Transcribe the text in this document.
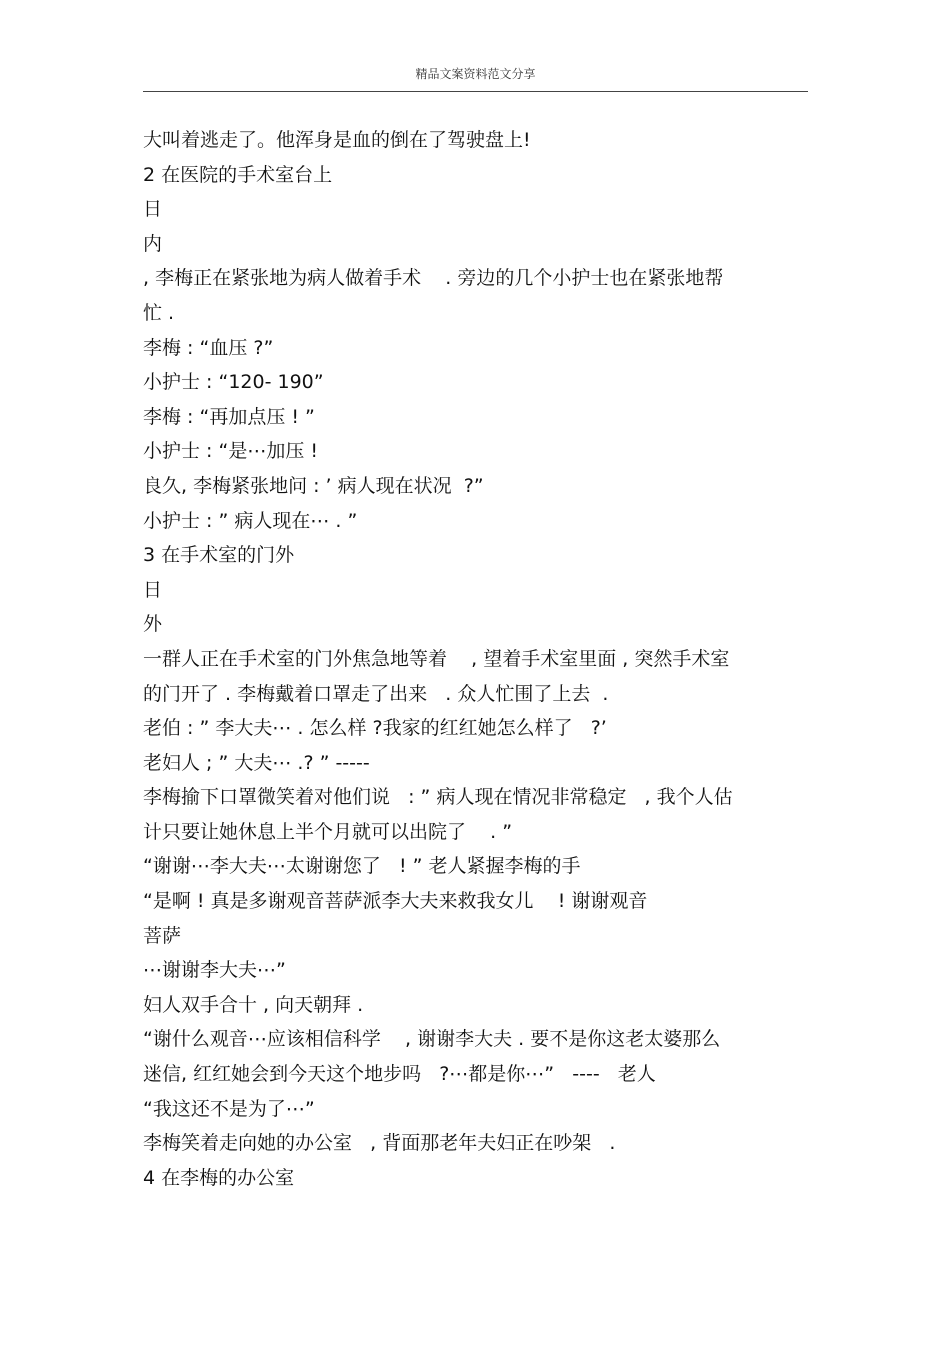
精品文案资料范文分享
大叫着逃走了。他浑身是血的倒在了驾驶盘上!
2 在医院的手术室台上
日
内
, 李梅正在紧张地为病人做着手术    . 旁边的几个小护士也在紧张地帮
忙 .
李梅 : “血压 ?”
小护士 : “120- 190”
李梅 : “再加点压 ! ”
小护士 : “是⋯加压 !
良久, 李梅紧张地问 : ’ 病人现在状况  ?”
小护士 : ” 病人现在⋯ . ”
3 在手术室的门外
日
外
一群人正在手术室的门外焦急地等着    , 望着手术室里面 , 突然手术室
的门开了 . 李梅戴着口罩走了出来   . 众人忙围了上去  .
老伯 : ” 李大夫⋯ . 怎么样 ?我家的红红她怎么样了   ?’
老妇人 ; ” 大夫⋯ .? ” -----
李梅揄下口罩微笑着对他们说   : ” 病人现在情况非常稳定   , 我个人估
计只要让她休息上半个月就可以出院了    . ”
“谢谢⋯李大夫⋯太谢谢您了   ! ” 老人紧握李梅的手
“是啊 ! 真是多谢观音菩萨派李大夫来救我女儿    ! 谢谢观音
菩萨
⋯谢谢李大夫⋯”
妇人双手合十 , 向天朝拜 .
“谢什么观音⋯应该相信科学    , 谢谢李大夫 . 要不是你这老太婆那么
迷信, 红红她会到今天这个地步吗   ?⋯都是你⋯”   ----   老人
“我这还不是为了⋯”
李梅笑着走向她的办公室   , 背面那老年夫妇正在吵架   .
4 在李梅的办公室
